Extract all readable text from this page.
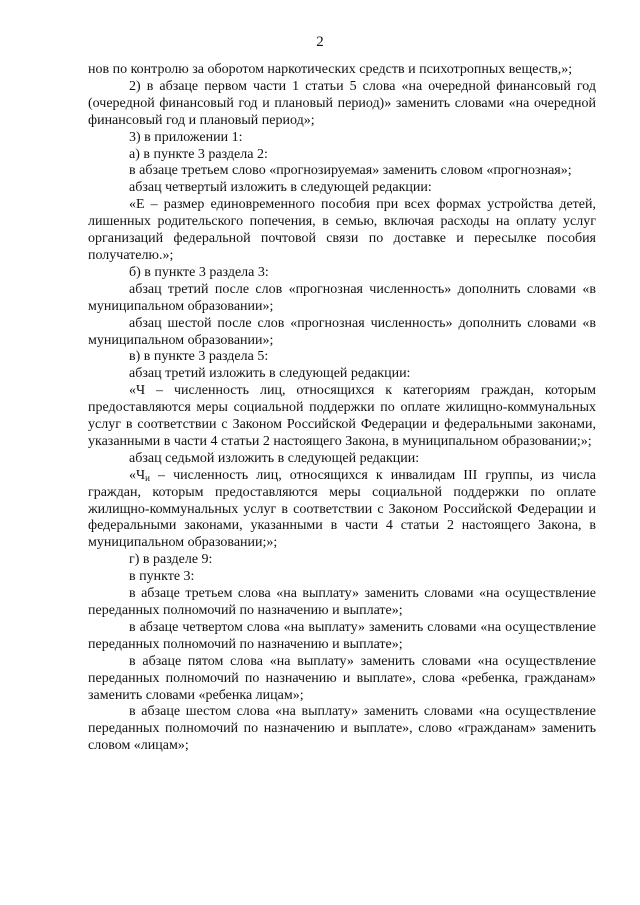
2

нов по контролю за оборотом наркотических средств и психотропных веществ,»;

2) в абзаце первом части 1 статьи 5 слова «на очередной финансовый год (очередной финансовый год и плановый период)» заменить словами «на очередной финансовый год и плановый период»;

3) в приложении 1:

а) в пункте 3 раздела 2:

в абзаце третьем слово «прогнозируемая» заменить словом «прогнозная»;

абзац четвертый изложить в следующей редакции:

«Е – размер единовременного пособия при всех формах устройства детей, лишенных родительского попечения, в семью, включая расходы на оплату услуг организаций федеральной почтовой связи по доставке и пересылке пособия получателю.»;

б) в пункте 3 раздела 3:

абзац третий после слов «прогнозная численность» дополнить словами «в муниципальном образовании»;

абзац шестой после слов «прогнозная численность» дополнить словами «в муниципальном образовании»;

в) в пункте 3 раздела 5:

абзац третий изложить в следующей редакции:

«Ч – численность лиц, относящихся к категориям граждан, которым предоставляются меры социальной поддержки по оплате жилищно-коммунальных услуг в соответствии с Законом Российской Федерации и федеральными законами, указанными в части 4 статьи 2 настоящего Закона, в муниципальном образовании;»;

абзац седьмой изложить в следующей редакции:

«$Ч_и$ – численность лиц, относящихся к инвалидам III группы, из числа граждан, которым предоставляются меры социальной поддержки по оплате жилищно-коммунальных услуг в соответствии с Законом Российской Федерации и федеральными законами, указанными в части 4 статьи 2 настоящего Закона, в муниципальном образовании;»;

г) в разделе 9:

в пункте 3:

в абзаце третьем слова «на выплату» заменить словами «на осуществление переданных полномочий по назначению и выплате»;

в абзаце четвертом слова «на выплату» заменить словами «на осуществление переданных полномочий по назначению и выплате»;

в абзаце пятом слова «на выплату» заменить словами «на осуществление переданных полномочий по назначению и выплате», слова «ребенка, гражданам» заменить словами «ребенка лицам»;

в абзаце шестом слова «на выплату» заменить словами «на осуществление переданных полномочий по назначению и выплате», слово «гражданам» заменить словом «лицам»;
